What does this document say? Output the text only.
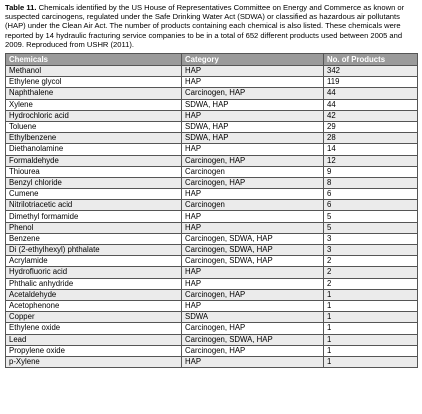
Table 11. Chemicals identified by the US House of Representatives Committee on Energy and Commerce as known or suspected carcinogens, regulated under the Safe Drinking Water Act (SDWA) or classified as hazardous air pollutants (HAP) under the Clean Air Act. The number of products containing each chemical is also listed. These chemicals were reported by 14 hydraulic fracturing service companies to be in a total of 652 different products used between 2005 and 2009. Reproduced from USHR (2011).

Chemicals	Category	No. of Products
Methanol	HAP	342
Ethylene glycol	HAP	119
Naphthalene	Carcinogen, HAP	44
Xylene	SDWA, HAP	44
Hydrochloric acid	HAP	42
Toluene	SDWA, HAP	29
Ethylbenzene	SDWA, HAP	28
Diethanolamine	HAP	14
Formaldehyde	Carcinogen, HAP	12
Thiourea	Carcinogen	9
Benzyl chloride	Carcinogen, HAP	8
Cumene	HAP	6
Nitrilotriacetic acid	Carcinogen	6
Dimethyl formamide	HAP	5
Phenol	HAP	5
Benzene	Carcinogen, SDWA, HAP	3
Di (2-ethylhexyl) phthalate	Carcinogen, SDWA, HAP	3
Acrylamide	Carcinogen, SDWA, HAP	2
Hydrofluoric acid	HAP	2
Phthalic anhydride	HAP	2
Acetaldehyde	Carcinogen, HAP	1
Acetophenone	HAP	1
Copper	SDWA	1
Ethylene oxide	Carcinogen, HAP	1
Lead	Carcinogen, SDWA, HAP	1
Propylene oxide	Carcinogen, HAP	1
p-Xylene	HAP	1
